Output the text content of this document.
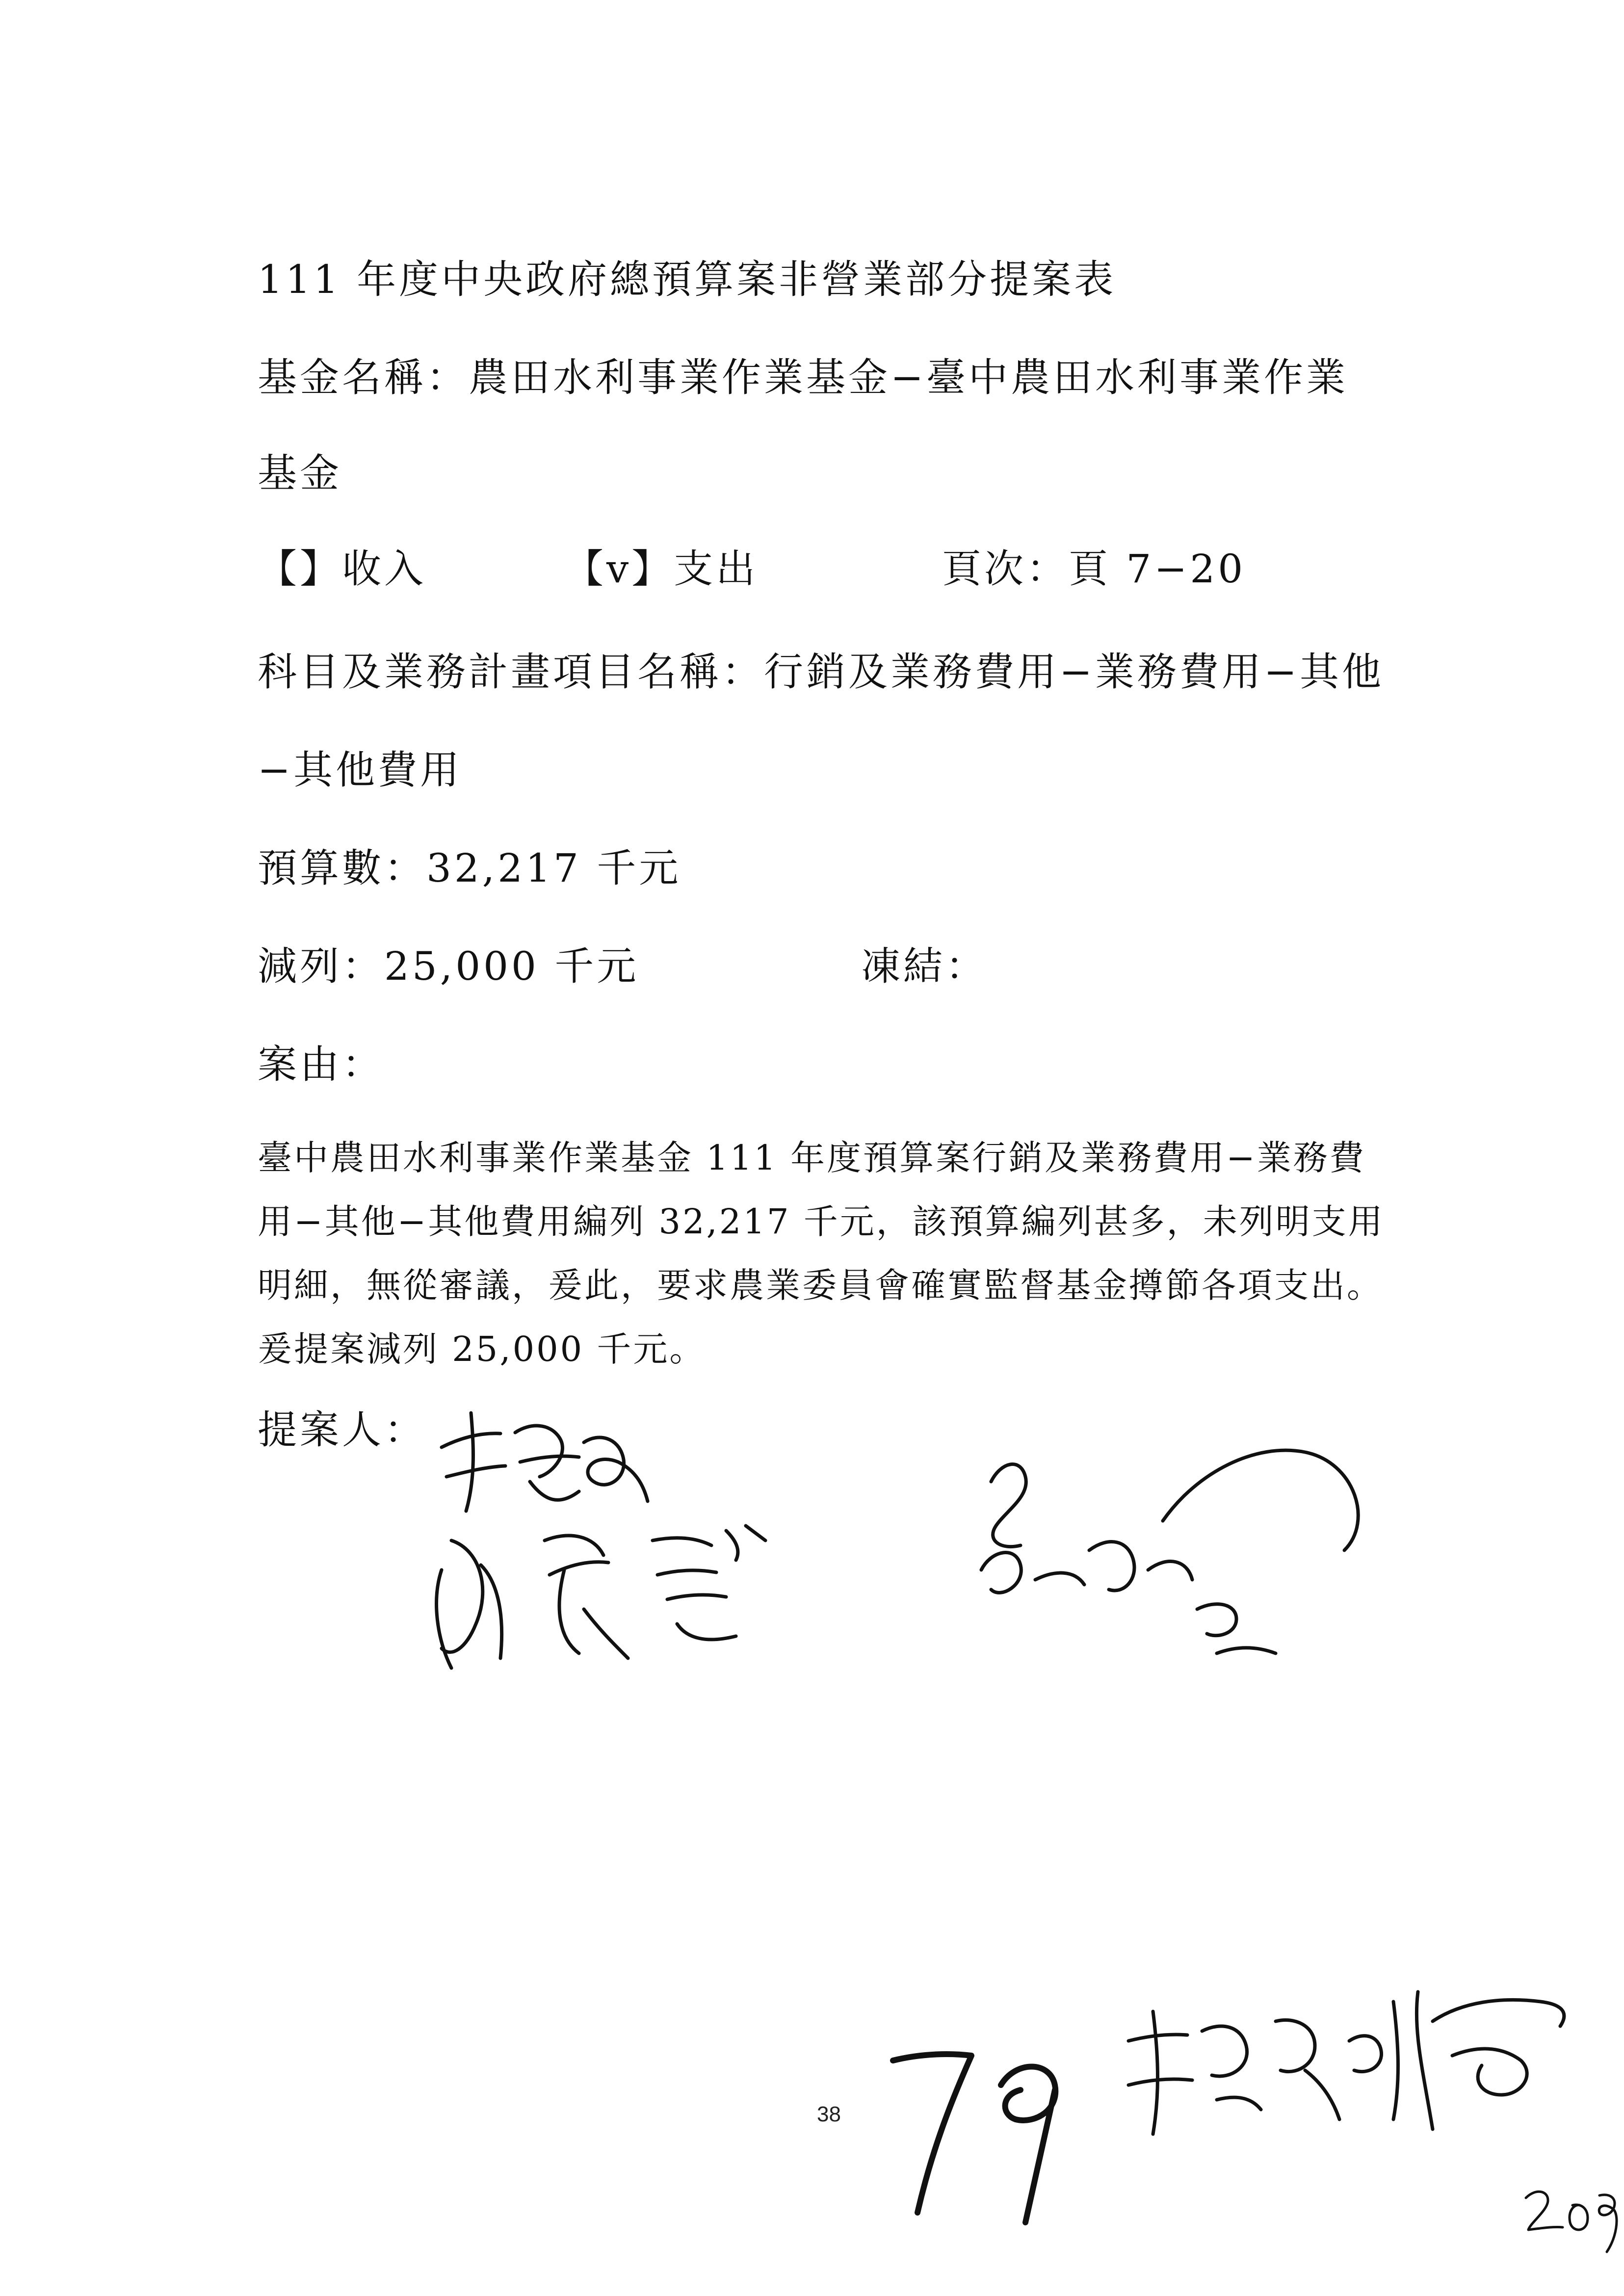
111 年度中央政府總預算案非營業部分提案表
基金名稱：農田水利事業作業基金−臺中農田水利事業作業
基金
【】收入	【v】支出	頁次：頁 7−20
科目及業務計畫項目名稱：行銷及業務費用−業務費用−其他
−其他費用
預算數：32,217 千元
減列：25,000 千元	凍結：
案由：
臺中農田水利事業作業基金 111 年度預算案行銷及業務費用−業務費
用−其他−其他費用編列 32,217 千元，該預算編列甚多，未列明支用
明細，無從審議，爰此，要求農業委員會確實監督基金撙節各項支出。
爰提案減列 25,000 千元。
提案人：
38
